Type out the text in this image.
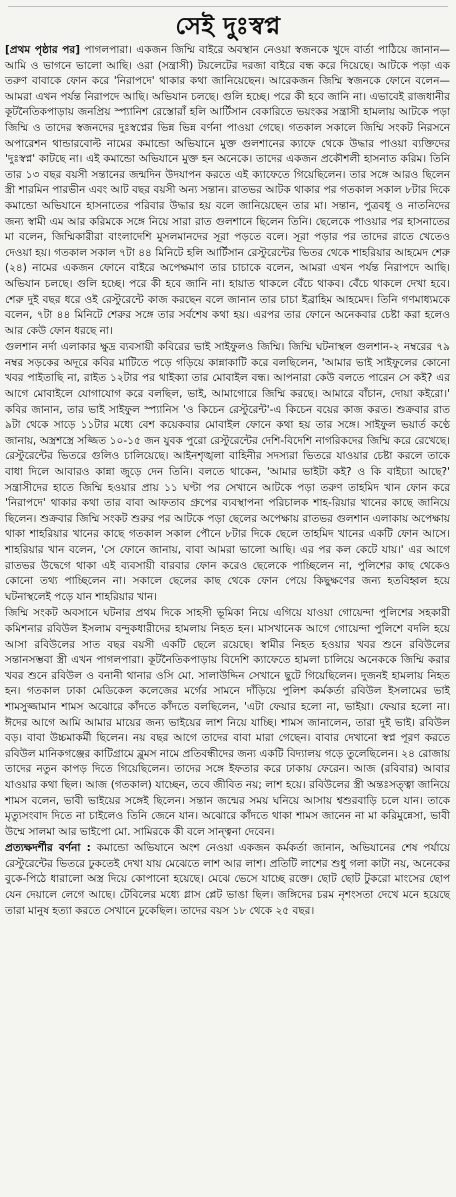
সেই দুঃস্বপ্ন

[প্রথম পৃষ্ঠার পর] পাগলপারা। একজন জিম্মি বাইরে অবস্থান নেওয়া স্বজনকে খুদে বার্তা পাঠিয়ে জানান— আমি ও ভাগনে ভালো আছি। ওরা (সন্ত্রাসী) টয়লেটের দরজা বাইরে বন্ধ করে দিয়েছে। আটকে পড়া এক তরুণ বাবাকে ফোন করে 'নিরাপদে' থাকার কথা জানিয়েছেন। আরেকজন জিম্মি স্বজনকে ফোনে বলেন— আমরা এখন পর্যন্ত নিরাপদে আছি। অভিযান চলছে। গুলি হচ্ছে। পরে কী হবে জানি না। এভাবেই রাজধানীর কূটনৈতিকপাড়ায় জনপ্রিয় স্প্যানিশ রেস্তোরাঁ হলি আর্টিসান বেকারিতে ভয়ংকর সন্ত্রাসী হামলায় আটকে পড়া জিম্মি ও তাদের স্বজনদের দুঃস্বপ্নের ভিন্ন ভিন্ন বর্ণনা পাওয়া গেছে। গতকাল সকালে জিম্মি সংকট নিরসনে অপারেশন থান্ডারবোল্ট নামের কমান্ডো অভিযানে মুক্ত গুলশানের ক্যাফে থেকে উদ্ধার পাওয়া ব্যক্তিদের 'দুঃস্বপ্ন' কাটছে না। এই কমান্ডো অভিযানে মুক্ত হন অনেকে। তাদের একজন প্রকৌশলী হাসনাত করিম। তিনি তার ১৩ বছর বয়সী সন্তানের জন্মদিন উদযাপন করতে এই ক্যাফেতে গিয়েছিলেন। তার সঙ্গে আরও ছিলেন স্ত্রী শারমিন পারভীন এবং আট বছর বয়সী অন্য সন্তান। রাতভর আটক থাকার পর গতকাল সকাল ৮টার দিকে কমান্ডো অভিযানে হাসনাতের পরিবার উদ্ধার হয় বলে জানিয়েছেন তার মা। সন্তান, পুত্রবধূ ও নাতনিদের জন্য স্বামী এম আর করিমকে সঙ্গে নিয়ে সারা রাত গুলশানে ছিলেন তিনি। ছেলেকে পাওয়ার পর হাসনাতের মা বলেন, জিম্মিকারীরা বাংলাদেশি মুসলমানদের সূরা পড়তে বলে। সূরা পড়ার পর তাদের রাতে খেতেও দেওয়া হয়। গতকাল সকাল ৭টা ৪৪ মিনিটে হলি আর্টিসান রেস্টুরেন্টের ভিতর থেকে শাহরিয়ার আহমেদ শেরু (২৪) নামের একজন ফোনে বাইরে অপেক্ষমাণ তার চাচাকে বলেন, আমরা এখন পর্যন্ত নিরাপদে আছি। অভিযান চলছে। গুলি হচ্ছে। পরে কী হবে জানি না। হায়াত থাকলে বেঁচে থাকব। বেঁচে থাকলে দেখা হবে। শেরু দুই বছর ধরে ওই রেস্টুরেন্টে কাজ করছেন বলে জানান তার চাচা ইব্রাহিম আহমেদ। তিনি গণমাধ্যমকে বলেন, ৭টা ৪৪ মিনিটে শেরুর সঙ্গে তার সর্বশেষ কথা হয়। এরপর তার ফোনে অনেকবার চেষ্টা করা হলেও আর কেউ ফোন ধরছে না।

গুলশান নর্দা এলাকার ক্ষুদ্র ব্যবসায়ী কবিরের ভাই সাইফুলও জিম্মি। জিম্মি ঘটনাস্থল গুলশান-২ নম্বরের ৭৯ নম্বর সড়কের অদূরে কবির মাটিতে পড়ে গড়িয়ে কান্নাকাটি করে বলছিলেন, 'আমার ভাই সাইফুলের কোনো খবর পাইতাছি না, রাইত ১২টার পর থাইক্যা তার মোবাইল বন্ধ। আপনারা কেউ বলতে পারেন সে কই? এর আগে মোবাইলে যোগাযোগ করে বলছিল, ভাই, আমাগোরে জিম্মি করছে। আমারে বাঁচান, দোয়া কইরো।' কবির জানান, তার ভাই সাইফুল স্প্যানিস 'ও কিচেন রেস্টুরেন্ট'-এ কিচেন বয়ের কাজ করত। শুক্রবার রাত ৯টা থেকে সাড়ে ১১টার মধ্যে বেশ কয়েকবার মোবাইল ফোনে কথা হয় তার সঙ্গে। সাইফুল ভয়ার্ত কণ্ঠে জানায়, অস্ত্রশস্ত্রে সজ্জিত ১০-১৫ জন যুবক পুরো রেস্টুরেন্টের দেশি-বিদেশি নাগরিকদের জিম্মি করে রেখেছে। রেস্টুরেন্টের ভিতরে গুলিও চালিয়েছে। আইনশৃঙ্খলা বাহিনীর সদস্যরা ভিতরে যাওয়ার চেষ্টা করলে তাকে বাধা দিলে আবারও কান্না জুড়ে দেন তিনি। বলতে থাকেন, 'আমার ভাইটা কই? ও কি বাইচ্যা আছে?' সন্ত্রাসীদের হাতে জিম্মি হওয়ার প্রায় ১১ ঘণ্টা পর সেখানে আটকে পড়া তরুণ তাহমিদ খান ফোন করে 'নিরাপদে' থাকার কথা তার বাবা আফতাব গ্রুপের ব্যবস্থাপনা পরিচালক শাহ-রিয়ার খানের কাছে জানিয়ে ছিলেন। শুক্রবার জিম্মি সংকট শুরুর পর আটকে পড়া ছেলের অপেক্ষায় রাতভর গুলশান এলাকায় অপেক্ষায় থাকা শাহরিয়ার খানের কাছে গতকাল সকাল পৌনে ৮টার দিকে ছেলে তাহমিদ খানের একটি ফোন আসে। শাহরিয়ার খান বলেন, 'সে ফোনে জানায়, বাবা আমরা ভালো আছি। এর পর কল কেটে যায়।' এর আগে রাতভর উদ্বেগে থাকা এই ব্যবসায়ী বারবার ফোন করেও ছেলেকে পাচ্ছিলেন না, পুলিশের কাছ থেকেও কোনো তথ্য পাচ্ছিলেন না। সকালে ছেলের কাছ থেকে ফোন পেয়ে কিছুক্ষণের জন্য হতবিহ্বল হয়ে ঘটনাস্থলেই পড়ে যান শাহরিয়ার খান।

জিম্মি সংকট অবসানে ঘটনার প্রথম দিকে সাহসী ভূমিকা নিয়ে এগিয়ে যাওয়া গোয়েন্দা পুলিশের সহকারী কমিশনার রবিউল ইসলাম বন্দুকধারীদের হামলায় নিহত হন। মাসখানেক আগে গোয়েন্দা পুলিশে বদলি হয়ে আসা রবিউলের সাত বছর বয়সী একটি ছেলে রয়েছে। স্বামীর নিহত হওয়ার খবর শুনে রবিউলের সন্তানসম্ভবা স্ত্রী এখন পাগলপারা। কূটনৈতিকপাড়ায় বিদেশি ক্যাফেতে হামলা চালিয়ে অনেককে জিম্মি করার খবর শুনে রবিউল ও বনানী থানার ওসি মো. সালাউদ্দিন সেখানে ছুটে গিয়েছিলেন। দুজনই হামলায় নিহত হন। গতকাল ঢাকা মেডিকেল কলেজের মর্গের সামনে দাঁড়িয়ে পুলিশ কর্মকর্তা রবিউল ইসলামের ভাই শামসুজ্জামান শামস অঝোরে কাঁদতে কাঁদতে বলছিলেন, 'এটা ফেয়ার হলো না, ভাইয়া। ফেয়ার হলো না। ঈদের আগে আমি আমার মায়ের জন্য ভাইয়ের লাশ নিয়ে যাচ্ছি। শামস জানালেন, তারা দুই ভাই। রবিউল বড়। বাবা উচ্চমাকর্মী ছিলেন। নয় বছর আগে তাদের বাবা মারা গেছেন। বাবার দেখানো স্বপ্ন পূরণ করতে রবিউল মানিকগঞ্জের কাটিগ্রামে ব্লুমস নামে প্রতিবন্ধীদের জন্য একটি বিদ্যালয় গড়ে তুলেছিলেন। ২৪ রোজায় তাদের নতুন কাপড় দিতে গিয়েছিলেন। তাদের সঙ্গে ইফতার করে ঢাকায় ফেরেন। আজ (রবিবার) আবার যাওয়ার কথা ছিল। আজ (গতকাল) যাচ্ছেন, তবে জীবিত নয়; লাশ হয়ে। রবিউলের স্ত্রী অন্তঃসত্ত্বা জানিয়ে শামস বলেন, ভাবী ভাইয়ের সঙ্গেই ছিলেন। সন্তান জন্মের সময় ঘনিয়ে আসায় শ্বশুরবাড়ি চলে যান। তাকে মৃত্যুসংবাদ দিতে না চাইলেও তিনি জেনে যান। অঝোরে কাঁদতে থাকা শামস জানেন না মা করিমুন্নেসা, ভাবী উম্মে সালমা আর ভাইপো মো. সামিরকে কী বলে সান্ত্বনা দেবেন।

প্রত্যক্ষদর্শীর বর্ণনা : কমান্ডো অভিযানে অংশ নেওয়া একজন কর্মকর্তা জানান, অভিযানের শেষ পর্যায়ে রেস্টুরেন্টের ভিতরে ঢুকতেই দেখা যায় মেঝেতে লাশ আর লাশ। প্রতিটি লাশের শুধু গলা কাটা নয়, অনেকের বুকে-পিঠে ধারালো অস্ত্র দিয়ে কোপানো হয়েছে। মেঝে ভেসে যাচ্ছে রক্তে। ছোট ছোট টুকরো মাংসের ছোপ যেন দেয়ালে লেগে আছে। টেবিলের মধ্যে গ্লাস প্লেট ভাঙা ছিল। জঙ্গিদের চরম নৃশংসতা দেখে মনে হয়েছে তারা মানুষ হত্যা করতে সেখানে ঢুকেছিল। তাদের বয়স ১৮ থেকে ২৫ বছর।
